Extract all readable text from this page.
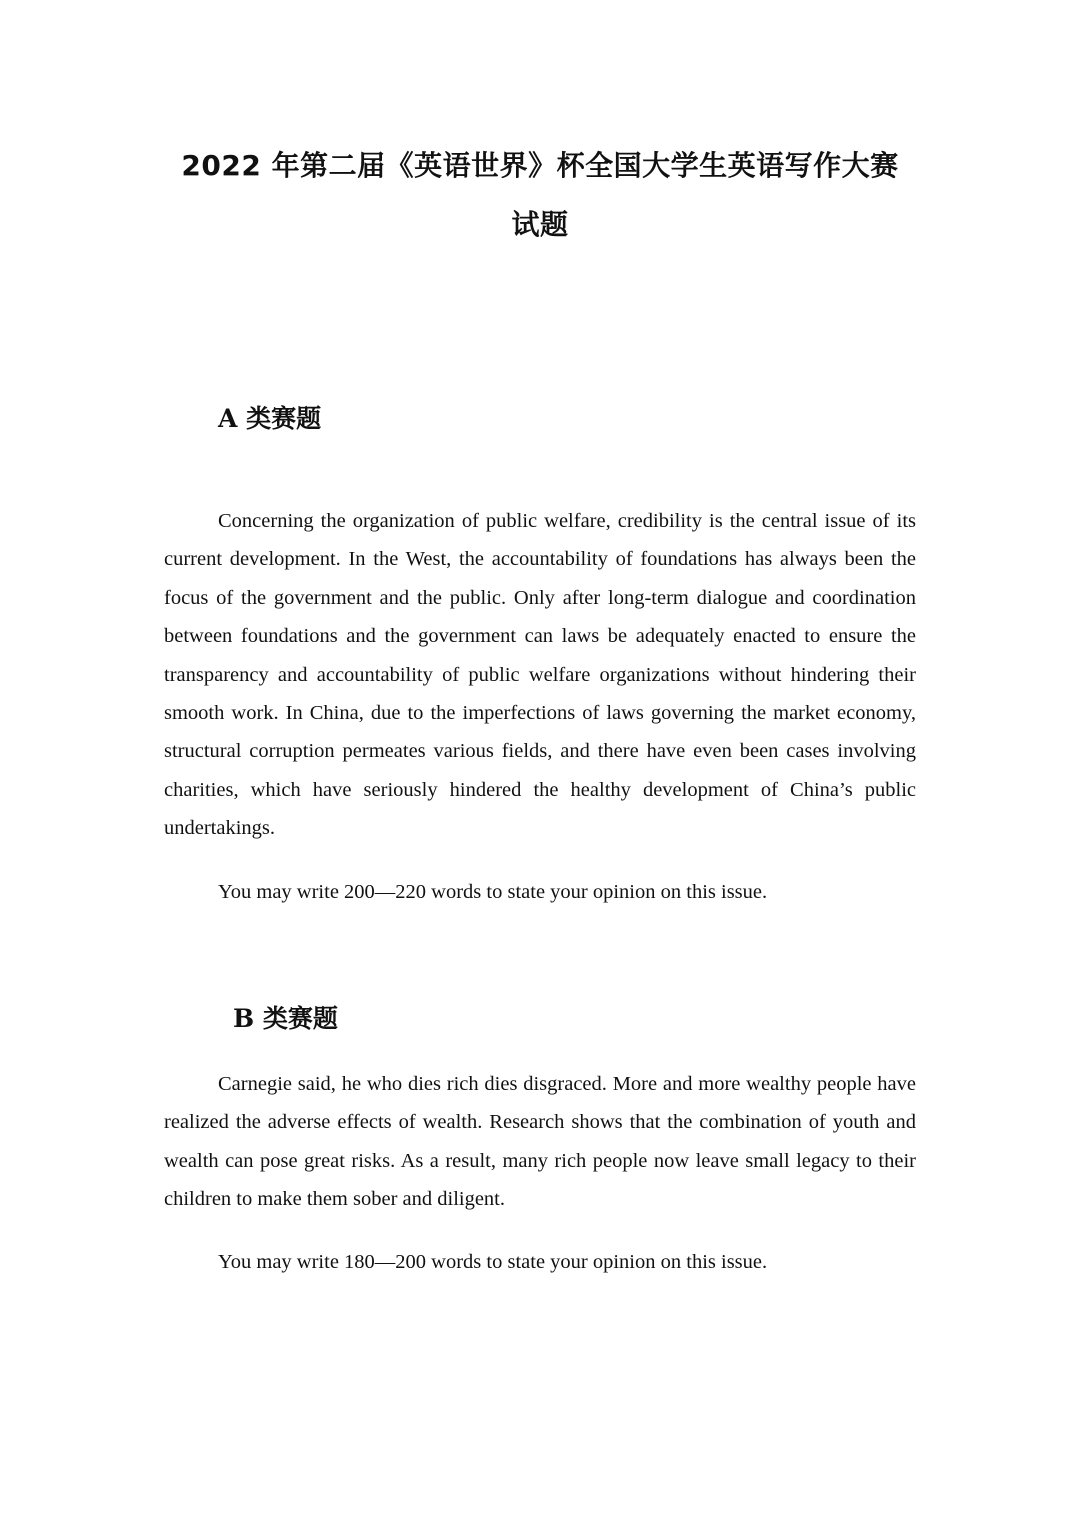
2022 年第二届《英语世界》杯全国大学生英语写作大赛
试题
A 类赛题

Concerning the organization of public welfare, credibility is the central issue of its current development. In the West, the accountability of foundations has always been the focus of the government and the public. Only after long-term dialogue and coordination between foundations and the government can laws be adequately enacted to ensure the transparency and accountability of public welfare organizations without hindering their smooth work. In China, due to the imperfections of laws governing the market economy, structural corruption permeates various fields, and there have even been cases involving charities, which have seriously hindered the healthy development of China’s public undertakings.

You may write 200—220 words to state your opinion on this issue.

B 类赛题

Carnegie said, he who dies rich dies disgraced. More and more wealthy people have realized the adverse effects of wealth. Research shows that the combination of youth and wealth can pose great risks. As a result, many rich people now leave small legacy to their children to make them sober and diligent.

You may write 180—200 words to state your opinion on this issue.
